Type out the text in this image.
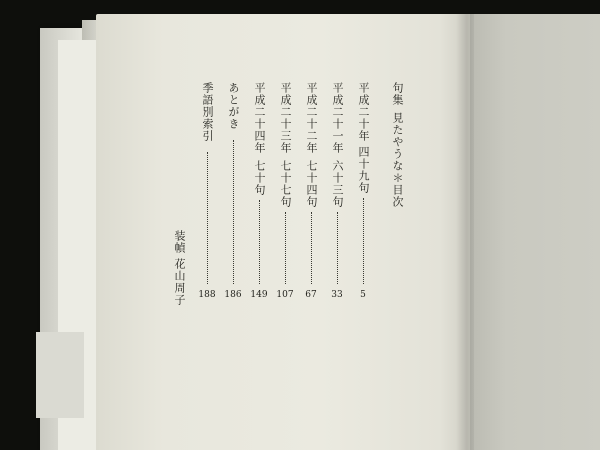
句集
見たやうな＊目次
平成二十年
四十九句
5
平成二十一年
六十三句
33
平成二十二年
七十四句
67
平成二十三年
七十七句
107
平成二十四年
七十句
149
あとがき
186
季語別索引
188
装幀
花山周子
